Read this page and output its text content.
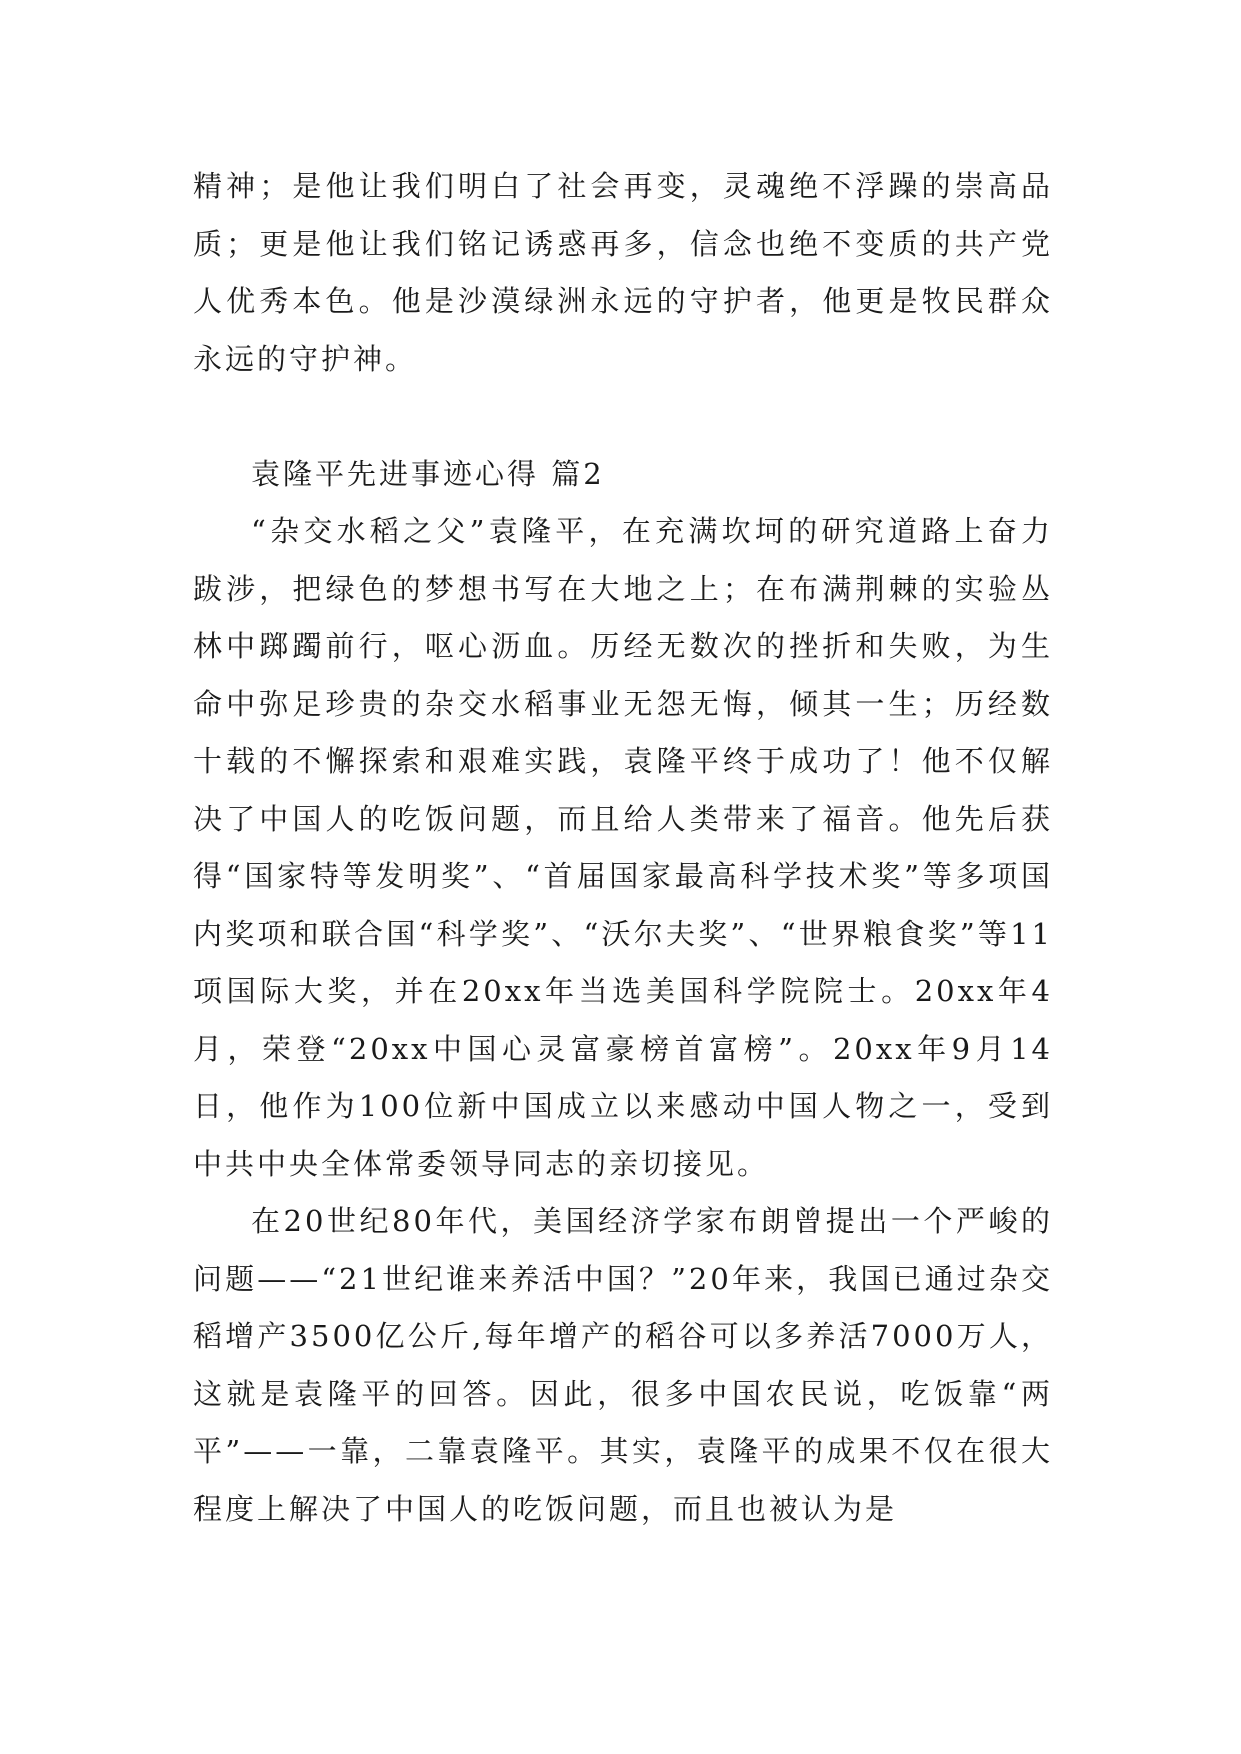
精神；是他让我们明白了社会再变，灵魂绝不浮躁的崇高品质；更是他让我们铭记诱惑再多，信念也绝不变质的共产党人优秀本色。他是沙漠绿洲永远的守护者，他更是牧民群众永远的守护神。

袁隆平先进事迹心得 篇2

“杂交水稻之父”袁隆平，在充满坎坷的研究道路上奋力跋涉，把绿色的梦想书写在大地之上；在布满荆棘的实验丛林中踯躅前行，呕心沥血。历经无数次的挫折和失败，为生命中弥足珍贵的杂交水稻事业无怨无悔，倾其一生；历经数十载的不懈探索和艰难实践，袁隆平终于成功了！他不仅解决了中国人的吃饭问题，而且给人类带来了福音。他先后获得“国家特等发明奖”、“首届国家最高科学技术奖”等多项国内奖项和联合国“科学奖”、“沃尔夫奖”、“世界粮食奖”等11项国际大奖，并在20xx年当选美国科学院院士。20xx年4月，荣登“20xx中国心灵富豪榜首富榜”。20xx年9月14日，他作为100位新中国成立以来感动中国人物之一，受到中共中央全体常委领导同志的亲切接见。

在20世纪80年代，美国经济学家布朗曾提出一个严峻的问题——“21世纪谁来养活中国？”20年来，我国已通过杂交稻增产3500亿公斤,每年增产的稻谷可以多养活7000万人，这就是袁隆平的回答。因此，很多中国农民说，吃饭靠“两平”——一靠，二靠袁隆平。其实，袁隆平的成果不仅在很大程度上解决了中国人的吃饭问题，而且也被认为是
